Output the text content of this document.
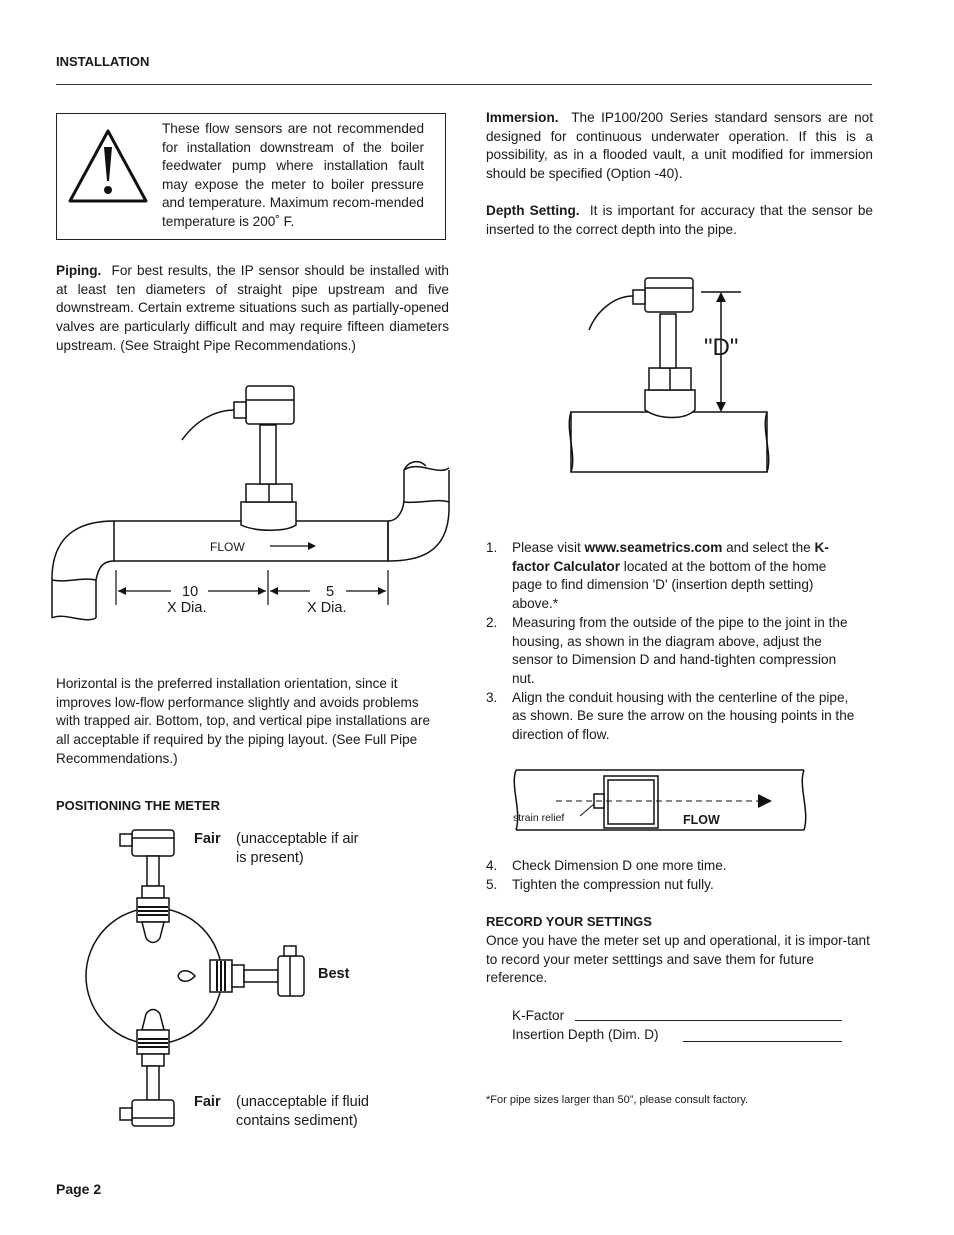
INSTALLATION
These flow sensors are not recommended for installation downstream of the boiler feedwater pump where installation fault may expose the meter to boiler pressure and temperature. Maximum recom-mended temperature is 200˚ F.
Piping. For best results, the IP sensor should be installed with at least ten diameters of straight pipe upstream and five downstream. Certain extreme situations such as partially-opened valves are particularly difficult and may require fifteen diameters upstream. (See Straight Pipe Recommendations.)
FLOW
10
X Dia.
5
X Dia.
Horizontal is the preferred installation orientation, since it improves low-flow performance slightly and avoids problems with trapped air. Bottom, top, and vertical pipe installations are all acceptable if required by the piping layout. (See Full Pipe Recommendations.)
POSITIONING THE METER
Fair (unacceptable if air is present)
Best
Fair (unacceptable if fluid contains sediment)
Immersion. The IP100/200 Series standard sensors are not designed for continuous underwater operation. If this is a possibility, as in a flooded vault, a unit modified for immersion should be specified (Option -40).
Depth Setting. It is important for accuracy that the sensor be inserted to the correct depth into the pipe.
"D"
1. Please visit www.seametrics.com and select the K-factor Calculator located at the bottom of the home page to find dimension 'D' (insertion depth setting) above.*
2. Measuring from the outside of the pipe to the joint in the housing, as shown in the diagram above, adjust the sensor to Dimension D and hand-tighten compression nut.
3. Align the conduit housing with the centerline of the pipe, as shown. Be sure the arrow on the housing points in the direction of flow.
strain relief	FLOW
4. Check Dimension D one more time.
5. Tighten the compression nut fully.
RECORD YOUR SETTINGS
Once you have the meter set up and operational, it is impor-tant to record your meter setttings and save them for future reference.
K-Factor
Insertion Depth (Dim. D)
*For pipe sizes larger than 50”, please consult factory.
Page 2
